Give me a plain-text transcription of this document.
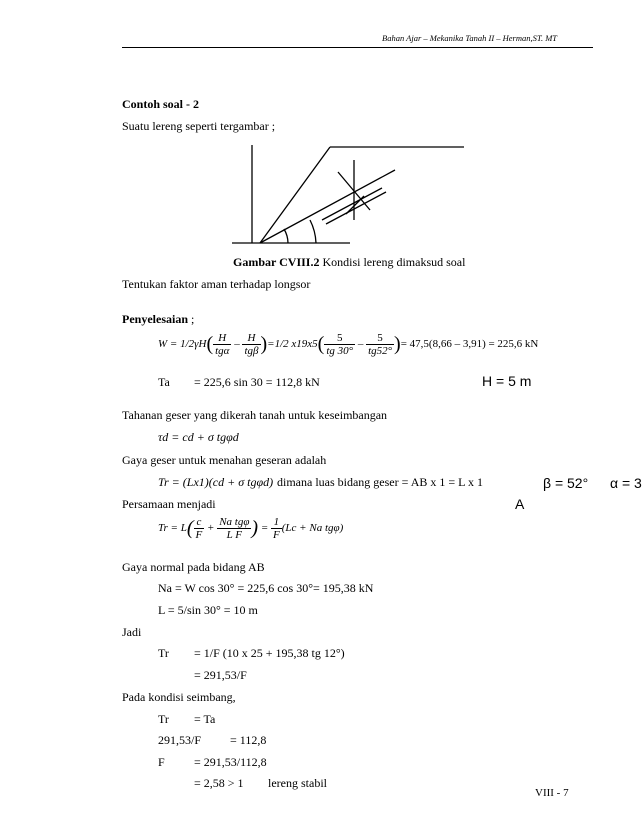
Bahan Ajar – Mekanika Tanah II – Herman,ST. MT
Contoh soal - 2
Suatu lereng seperti tergambar ;
Gambar CVIII.2 Kondisi lereng dimaksud soal
Tentukan faktor aman terhadap longsor
Penyelesaian ;
$W = 1/2\gamma H( \frac{H}{\text{tgα}} - \frac{H}{\text{tgβ}} )=1/2$ $x19x5( \frac{5}{tg 30^\circ} - \frac{5}{tg52^\circ}$ )= 47,5(8,66 – 3,91) = 225,6 kN
Ta = 225,6 sin 30 = 112,8 kN	H = 5 m
β = 52° α = 3
A
Tahanan geser yang dikerah tanah untuk keseimbangan
τd = cd + σ tgφd
Gaya geser untuk menahan geseran adalah
Tr = (Lx1)(cd + σ tgφd) dimana luas bidang geser = AB x 1 = L x 1
Persamaan menjadi
$Tr = L( \frac{c}{F} + \frac{\text{Na tgφ}}{\text{L F}}$ ) = $\frac{1}{F} (Lc + Na$ tgφ)
Gaya normal pada bidang AB
Na = W cos 30° = 225,6 cos 30°= 195,38 kN
L = 5/sin 30° = 10 m
Jadi
Tr = 1/F (10 x 25 + 195,38 tg 12°)
= 291,53/F
Pada kondisi seimbang,
Tr = Ta
291,53/F = 112,8
F = 291,53/112,8
= 2,58 > 1 lereng stabil
VIII - 7
